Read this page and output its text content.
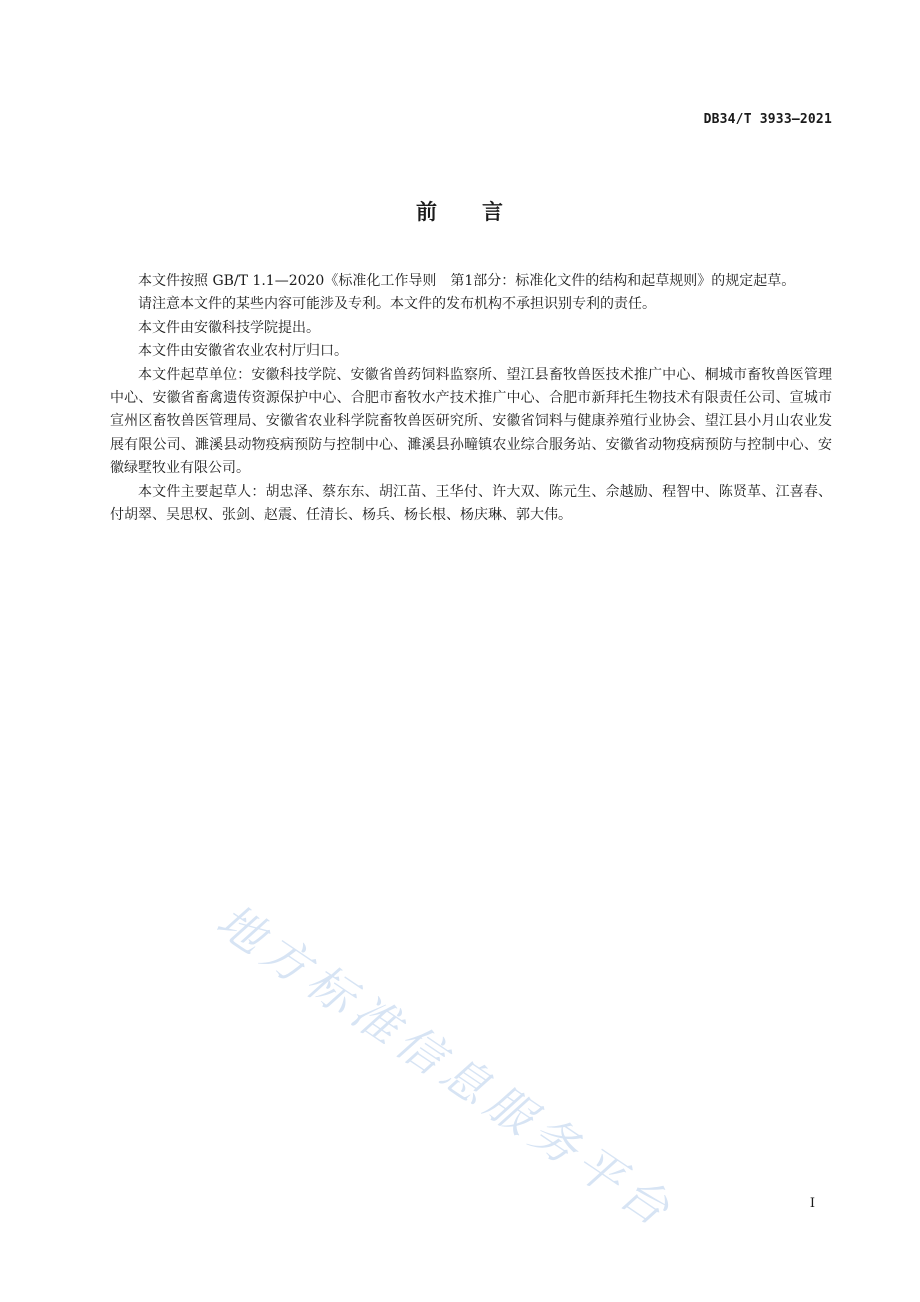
DB34/T 3933—2021
前 言

本文件按照 GB/T 1.1—2020《标准化工作导则　第1部分：标准化文件的结构和起草规则》的规定起草。

请注意本文件的某些内容可能涉及专利。本文件的发布机构不承担识别专利的责任。

本文件由安徽科技学院提出。

本文件由安徽省农业农村厅归口。

本文件起草单位：安徽科技学院、安徽省兽药饲料监察所、望江县畜牧兽医技术推广中心、桐城市畜牧兽医管理中心、安徽省畜禽遗传资源保护中心、合肥市畜牧水产技术推广中心、合肥市新拜托生物技术有限责任公司、宣城市宣州区畜牧兽医管理局、安徽省农业科学院畜牧兽医研究所、安徽省饲料与健康养殖行业协会、望江县小月山农业发展有限公司、濉溪县动物疫病预防与控制中心、濉溪县孙疃镇农业综合服务站、安徽省动物疫病预防与控制中心、安徽绿墅牧业有限公司。

本文件主要起草人：胡忠泽、蔡东东、胡江苗、王华付、许大双、陈元生、佘越励、程智中、陈贤革、江喜春、付胡翠、吴思权、张剑、赵震、任清长、杨兵、杨长根、杨庆琳、郭大伟。

地方标准信息服务平台	I
